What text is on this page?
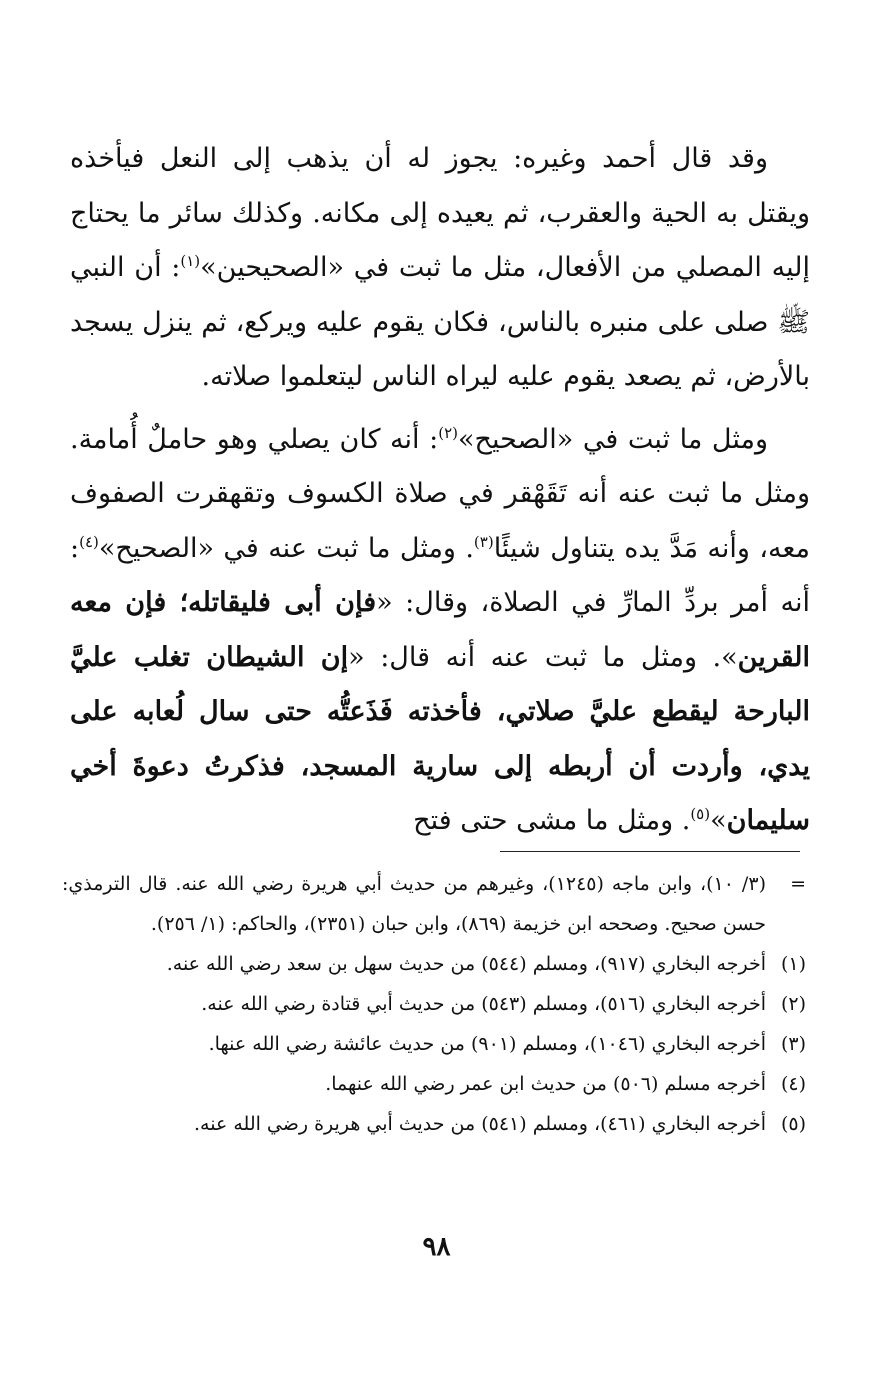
وقد قال أحمد وغيره: يجوز له أن يذهب إلى النعل فيأخذه ويقتل به الحية والعقرب، ثم يعيده إلى مكانه. وكذلك سائر ما يحتاج إليه المصلي من الأفعال، مثل ما ثبت في «الصحيحين»$^{(١)}$: أن النبي ﷺ صلى على منبره بالناس، فكان يقوم عليه ويركع، ثم ينزل يسجد بالأرض، ثم يصعد يقوم عليه ليراه الناس ليتعلموا صلاته.

ومثل ما ثبت في «الصحيح»$^{(٢)}$: أنه كان يصلي وهو حاملٌ أُمامة. ومثل ما ثبت عنه أنه تَقَهْقر في صلاة الكسوف وتقهقرت الصفوف معه، وأنه مَدَّ يده يتناول شيئًا$^{(٣)}$. ومثل ما ثبت عنه في «الصحيح»$^{(٤)}$: أنه أمر بردِّ المارِّ في الصلاة، وقال: «فإن أبى فليقاتله؛ فإن معه القرين». ومثل ما ثبت عنه أنه قال: «إن الشيطان تغلب عليَّ البارحة ليقطع عليَّ صلاتي، فأخذته فَذَعتُّه حتى سال لُعابه على يدي، وأردت أن أربطه إلى سارية المسجد، فذكرتُ دعوةَ أخي سليمان»$^{(٥)}$. ومثل ما مشى حتى فتح

=
(٣/ ١٠)، وابن ماجه (١٢٤٥)، وغيرهم من حديث أبي هريرة رضي الله عنه. قال الترمذي: حسن صحيح. وصححه ابن خزيمة (٨٦٩)، وابن حبان (٢٣٥١)، والحاكم: (١/ ٢٥٦).
(١)
أخرجه البخاري (٩١٧)، ومسلم (٥٤٤) من حديث سهل بن سعد رضي الله عنه.
(٢)
أخرجه البخاري (٥١٦)، ومسلم (٥٤٣) من حديث أبي قتادة رضي الله عنه.
(٣)
أخرجه البخاري (١٠٤٦)، ومسلم (٩٠١) من حديث عائشة رضي الله عنها.
(٤)
أخرجه مسلم (٥٠٦) من حديث ابن عمر رضي الله عنهما.
(٥)
أخرجه البخاري (٤٦١)، ومسلم (٥٤١) من حديث أبي هريرة رضي الله عنه.
٩٨
